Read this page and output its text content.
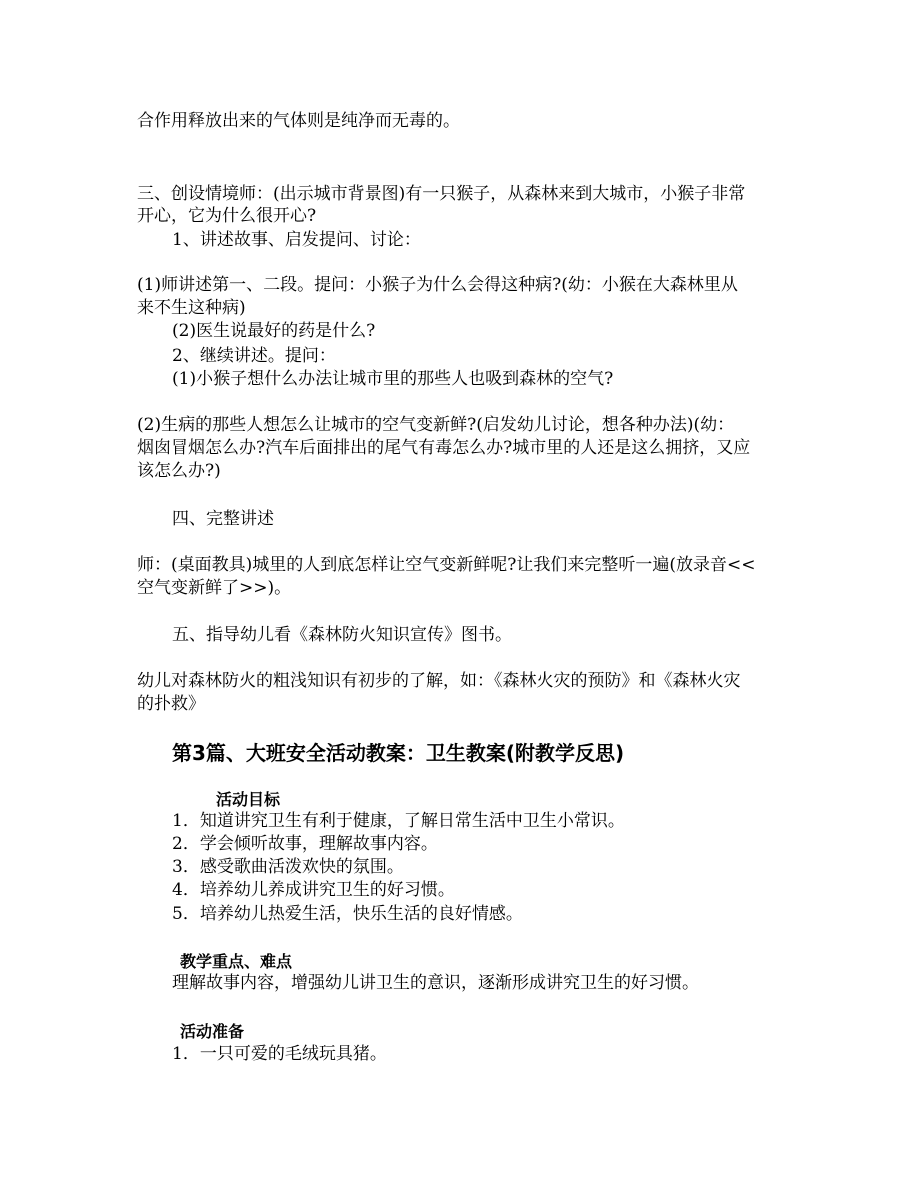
合作用释放出来的气体则是纯净而无毒的。
三、创设情境师：(出示城市背景图)有一只猴子，从森林来到大城市，小猴子非常
开心，它为什么很开心?
1、讲述故事、启发提问、讨论：
(1)师讲述第一、二段。提问：小猴子为什么会得这种病?(幼：小猴在大森林里从
来不生这种病)
(2)医生说最好的药是什么?
2、继续讲述。提问：
(1)小猴子想什么办法让城市里的那些人也吸到森林的空气?
(2)生病的那些人想怎么让城市的空气变新鲜?(启发幼儿讨论，想各种办法)(幼：
烟囱冒烟怎么办?汽车后面排出的尾气有毒怎么办?城市里的人还是这么拥挤，又应
该怎么办?)
四、完整讲述
师：(桌面教具)城里的人到底怎样让空气变新鲜呢?让我们来完整听一遍(放录音<<
空气变新鲜了>>)。
五、指导幼儿看《森林防火知识宣传》图书。
幼儿对森林防火的粗浅知识有初步的了解，如：《森林火灾的预防》和《森林火灾
的扑救》
第3篇、大班安全活动教案：卫生教案(附教学反思)
活动目标
1．知道讲究卫生有利于健康，了解日常生活中卫生小常识。
2．学会倾听故事，理解故事内容。
3．感受歌曲活泼欢快的氛围。
4．培养幼儿养成讲究卫生的好习惯。
5．培养幼儿热爱生活，快乐生活的良好情感。
教学重点、难点
理解故事内容，增强幼儿讲卫生的意识，逐渐形成讲究卫生的好习惯。
活动准备
1．一只可爱的毛绒玩具猪。
